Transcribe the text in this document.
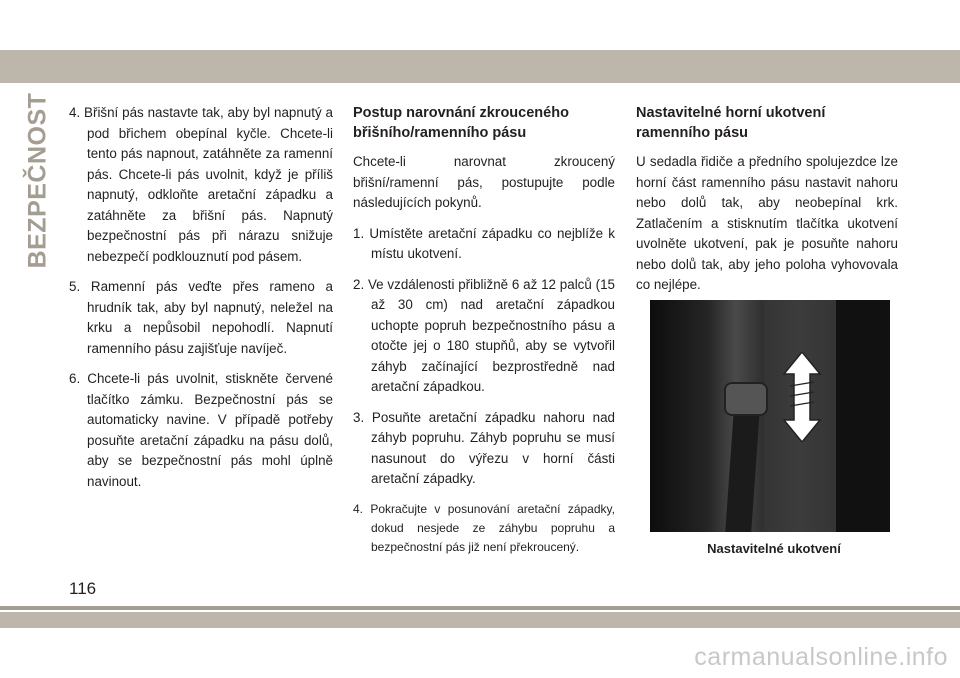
BEZPEČNOST 4. Břišní pás nastavte tak, aby byl napnutý a pod břichem obepínal kyčle. Chcete-li tento pás napnout, zatáhněte za ramenní pás. Chcete-li pás uvolnit, když je příliš napnutý, odkloňte aretační západku a zatáhněte za břišní pás. Napnutý bezpečnostní pás při nárazu snižuje nebezpečí podklouznutí pod pásem.

5. Ramenní pás veďte přes rameno a hrudník tak, aby byl napnutý, neležel na krku a nepůsobil nepohodlí. Napnutí ramenního pásu zajišťuje navíječ.

6. Chcete-li pás uvolnit, stiskněte červené tlačítko zámku. Bezpečnostní pás se automaticky navine. V případě potřeby posuňte aretační západku na pásu dolů, aby se bezpečnostní pás mohl úplně navinout.

Postup narovnání zkrouceného břišního/ramenního pásu

Chcete-li narovnat zkroucený břišní/ramenní pás, postupujte podle následujících pokynů.

1. Umístěte aretační západku co nejblíže k místu ukotvení.

2. Ve vzdálenosti přibližně 6 až 12 palců (15 až 30 cm) nad aretační západkou uchopte popruh bezpečnostního pásu a otočte jej o 180 stupňů, aby se vytvořil záhyb začínající bezprostředně nad aretační západkou.

3. Posuňte aretační západku nahoru nad záhyb popruhu. Záhyb popruhu se musí nasunout do výřezu v horní části aretační západky.

4. Pokračujte v posunování aretační západky, dokud nesjede ze záhybu popruhu a bezpečnostní pás již není překroucený.

Nastavitelné horní ukotvení ramenního pásu

U sedadla řidiče a předního spolujezdce lze horní část ramenního pásu nastavit nahoru nebo dolů tak, aby neobepínal krk. Zatlačením a stisknutím tlačítka ukotvení uvolněte ukotvení, pak je posuňte nahoru nebo dolů tak, aby jeho poloha vyhovovala co nejlépe.

Nastavitelné ukotvení

116
carmanualsonline.info
